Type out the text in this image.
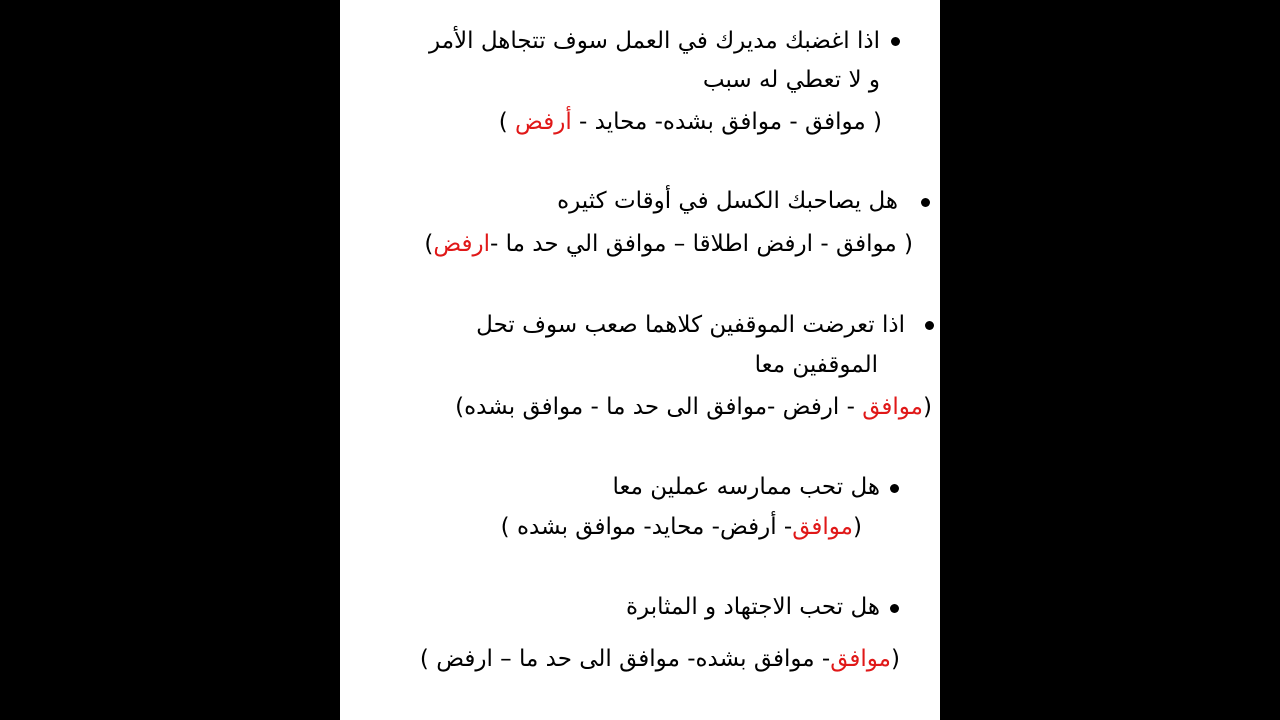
اذا اغضبك مديرك في العمل سوف تتجاهل الأمر
و لا تعطي له سبب
( موافق - موافق بشده- محايد - أرفض )
هل يصاحبك الكسل في أوقات كثيره
( موافق - ارفض اطلاقا – موافق الي حد ما -ارفض)
اذا تعرضت الموقفين كلاهما صعب سوف تحل
الموقفين معا
(موافق - ارفض -موافق الى حد ما - موافق بشده)
هل تحب ممارسه عملين معا
(موافق- أرفض- محايد- موافق بشده )
هل تحب الاجتهاد و المثابرة
(موافق- موافق بشده- موافق الى حد ما – ارفض )
